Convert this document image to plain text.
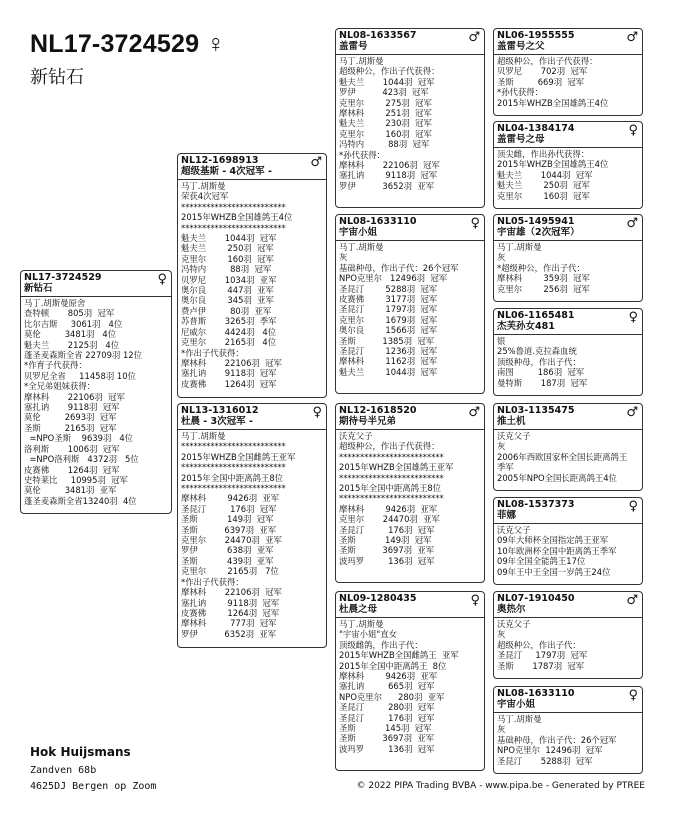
NL17-3724529 ♀
新钻石
NL17-3724529
新钻石
♀
马丁.胡斯曼原舍
查特顿       805羽  冠军
比尔吉斯     3061羽   4位
莫伦         3481羽   4位
魁夫兰       2125羽   4位
蓬圣麦森斯全省 22709羽 12位
*作育子代获得：
贝罗尼全省     11458羽 10位
*全兄弟姐妹获得：
摩林科       22106羽  冠军
塞扎讷       9118羽  冠军
莫伦         2693羽  冠军
圣斯         2165羽  冠军
=NPO圣斯    9639羽   4位
洛利斯       1006羽  冠军
=NPO洛利斯   4372羽   5位
皮赛佛       1264羽  冠军
史特莱比     10995羽  冠军
莫伦         3481羽  亚军
蓬圣麦森斯全省13240羽  4位
NL12-1698913
超级基斯 - 4次冠军 -
♂
马丁.胡斯曼
荣获4次冠军
*************************
2015年WHZB全国雄鸽王4位
*************************
魁夫兰       1044羽  冠军
魁夫兰        250羽  冠军
克里尔        160羽  冠军
冯特内         88羽  冠军
贝罗尼       1034羽  亚军
奥尔良        447羽  亚军
奥尔良        345羽  亚军
费卢伊         80羽  亚军
苏普斯       3265羽  季军
尼威尔       4424羽   4位
克里尔       2165羽   4位
*作出子代获得：
摩林科       22106羽  冠军
塞扎讷       9118羽  冠军
皮赛佛       1264羽  冠军
NL13-1316012
杜晨 - 3次冠军 -
♀
马丁.胡斯曼
*************************
2015年WHZB全国雌鸽王亚军
*************************
2015年全国中距离鸽王8位
*************************
摩林科        9426羽  亚军
圣昆汀         176羽  冠军
圣斯           149羽  冠军
圣斯          6397羽  亚军
克里尔       24470羽  亚军
罗伊           638羽  亚军
圣斯           439羽  亚军
克里尔        2165羽   7位
*作出子代获得：
摩林科       22106羽  冠军
塞扎讷        9118羽  冠军
皮赛佛        1264羽  冠军
摩林科         777羽  冠军
罗伊          6352羽  亚军
NL08-1633567
盖雷号
♂
马丁.胡斯曼
超级种公，作出子代获得：
魁夫兰       1044羽  冠军
罗伊          423羽  冠军
克里尔        275羽  冠军
摩林科        251羽  冠军
魁夫兰        230羽  冠军
克里尔        160羽  冠军
冯特内         88羽  冠军
*孙代获得：
摩林科       22106羽  冠军
塞扎讷        9118羽  冠军
罗伊          3652羽  亚军
NL08-1633110
宇宙小姐
♀
马丁.胡斯曼
灰
基础种母，作出子代：26个冠军
NPO克里尔   12496羽  冠军
圣昆汀        5288羽  冠军
皮赛佛        3177羽  冠军
圣昆汀        1797羽  冠军
克里尔        1679羽  冠军
奥尔良        1566羽  冠军
圣斯          1385羽  冠军
圣昆汀        1236羽  冠军
摩林科        1162羽  冠军
魁夫兰        1044羽  冠军
NL12-1618520
期待号半兄弟
♂
沃克父子
超级种公，作出子代获得：
*************************
2015年WHZB全国雄鸽王亚军
*************************
2015年全国中距离鸽王8位
*************************
摩林科        9426羽  亚军
克里尔       24470羽  亚军
圣昆汀         176羽  冠军
圣斯           149羽  冠军
圣斯          3697羽  亚军
波玛罗         136羽  冠军
NL09-1280435
杜晨之母
♀
马丁.胡斯曼
"宇宙小姐"直女
顶级雌鸽，作出子代：
2015年WHZB全国雌鸽王  亚军
2015年全国中距离鸽王  8位
摩林科        9426羽  亚军
塞扎讷         665羽  冠军
NPO克里尔      280羽  亚军
圣昆汀         280羽  冠军
圣昆汀         176羽  冠军
圣斯           145羽  冠军
圣斯          3697羽  亚军
波玛罗         136羽  冠军
NL06-1955555
盖雷号之父
♂
超级种公，作出子代获得：
贝罗尼       702羽  冠军
圣斯         669羽  冠军
*孙代获得：
2015年WHZB全国雄鸽王4位
NL04-1384174
盖雷号之母
♀
顶尖雌，作出孙代获得：
2015年WHZB全国雄鸽王4位
魁夫兰       1044羽  冠军
魁夫兰        250羽  冠军
克里尔        160羽  冠军
NL05-1495941
宇宙雄（2次冠军）
♂
马丁.胡斯曼
灰
*超级种公，作出子代：
摩林科        359羽  冠军
克里尔        256羽  冠军
NL06-1165481
杰芙孙女481
♀
银
25%鲁道.克拉森血统
顶级种母，作出子代：
南图         186羽  冠军
曼特斯       187羽  冠军
NL03-1135475
推土机
♂
沃克父子
灰
2006年西欧国家杯全国长距离鸽王
季军
2005年NPO全国长距离鸽王4位
NL08-1537373
菲娜
♀
沃克父子
09年大师杯全国指定鸽王亚军
10年欧洲杯全国中距离鸽王季军
09年全国全能鸽王17位
09年王中王全国一岁鸽王24位
NL07-1910450
奥热尔
♂
沃克父子
灰
超级种公，作出子代：
圣昆汀     1797羽  冠军
圣斯       1787羽  冠军
NL08-1633110
宇宙小姐
♀
马丁.胡斯曼
灰
基础种母，作出子代：26个冠军
NPO克里尔  12496羽  冠军
圣昆汀       5288羽  冠军
Hok Huijsmans
Zandven 68b
4625DJ Bergen op Zoom	© 2022 PIPA Trading BVBA - www.pipa.be - Generated by PTREE
